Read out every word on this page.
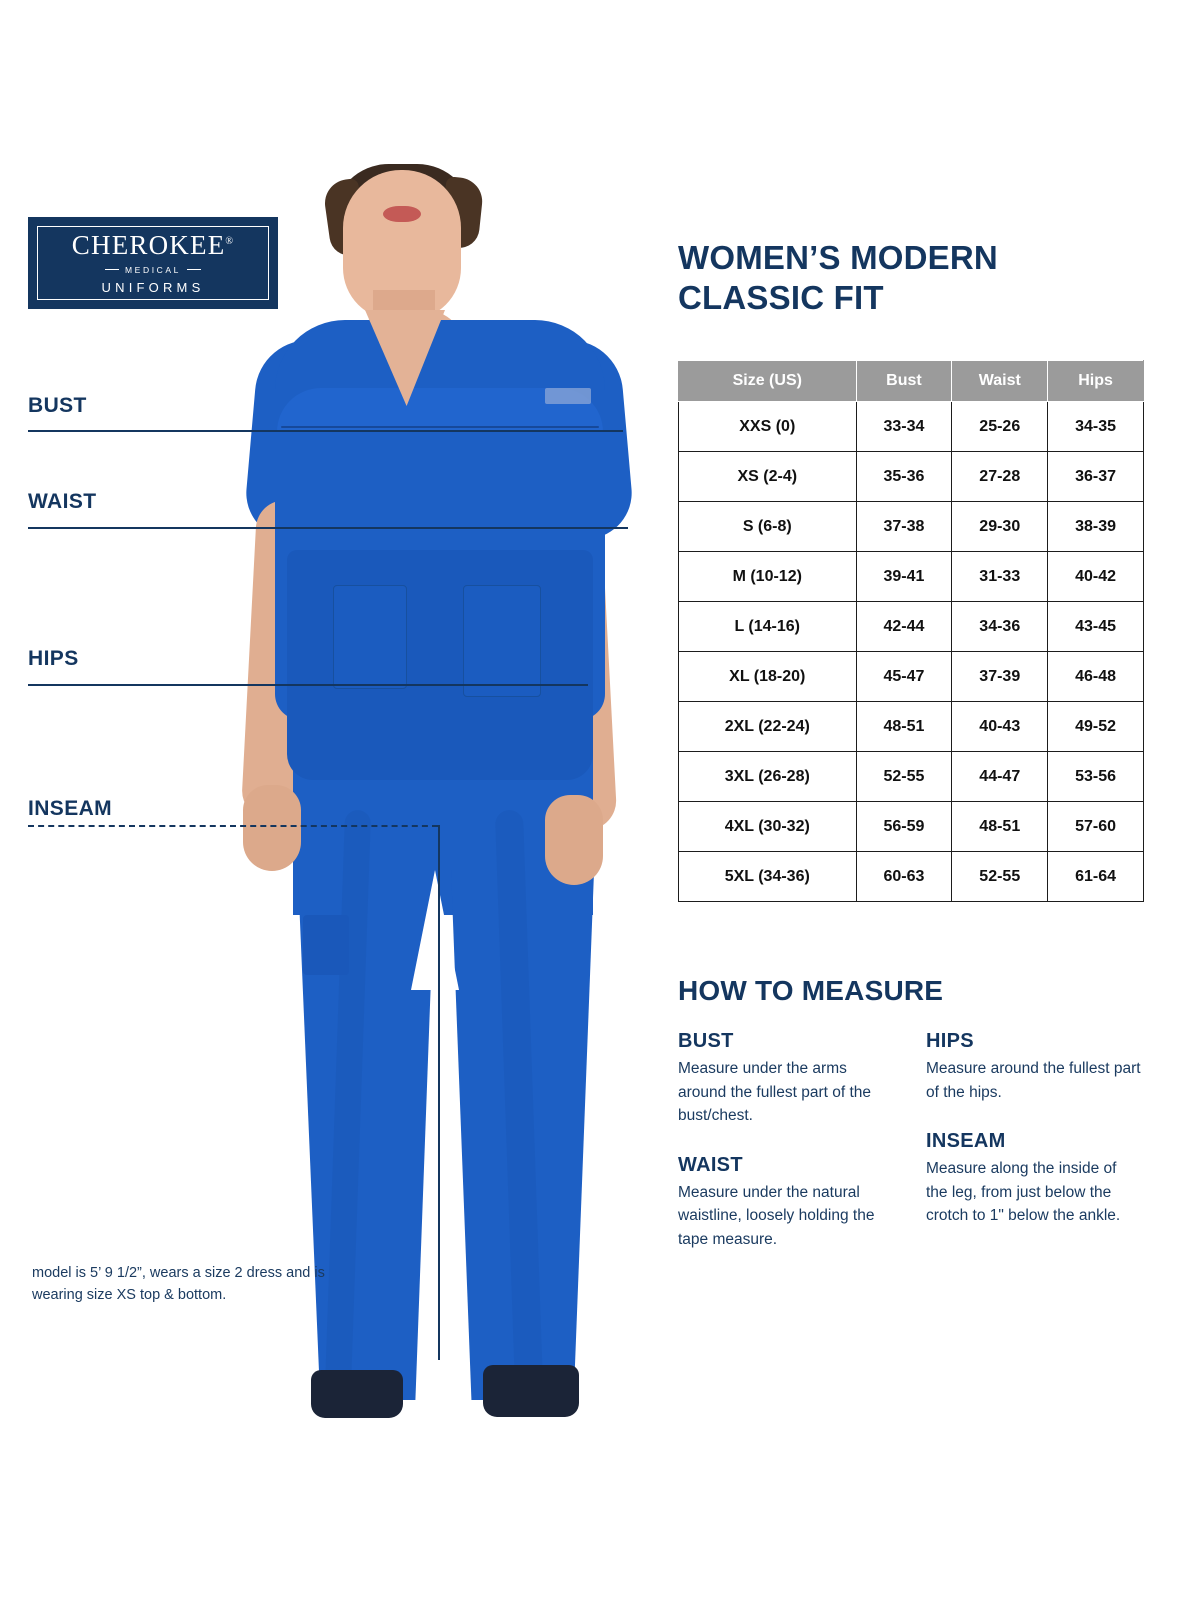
CHEROKEE®
MEDICAL
UNIFORMS
BUST
WAIST
HIPS
INSEAM
model is 5’ 9 1/2”, wears a size 2 dress and is wearing size XS top & bottom.
WOMEN’S MODERN CLASSIC FIT
Size (US)	Bust	Waist	Hips
XXS (0)	33-34	25-26	34-35
XS (2-4)	35-36	27-28	36-37
S (6-8)	37-38	29-30	38-39
M (10-12)	39-41	31-33	40-42
L (14-16)	42-44	34-36	43-45
XL (18-20)	45-47	37-39	46-48
2XL (22-24)	48-51	40-43	49-52
3XL (26-28)	52-55	44-47	53-56
4XL (30-32)	56-59	48-51	57-60
5XL (34-36)	60-63	52-55	61-64
HOW TO MEASURE
BUST

Measure under the arms around the fullest part of the bust/chest.

WAIST

Measure under the natural waistline, loosely holding the tape measure.

HIPS

Measure around the fullest part of the hips.

INSEAM

Measure along the inside of the leg, from just below the crotch to 1" below the ankle.
